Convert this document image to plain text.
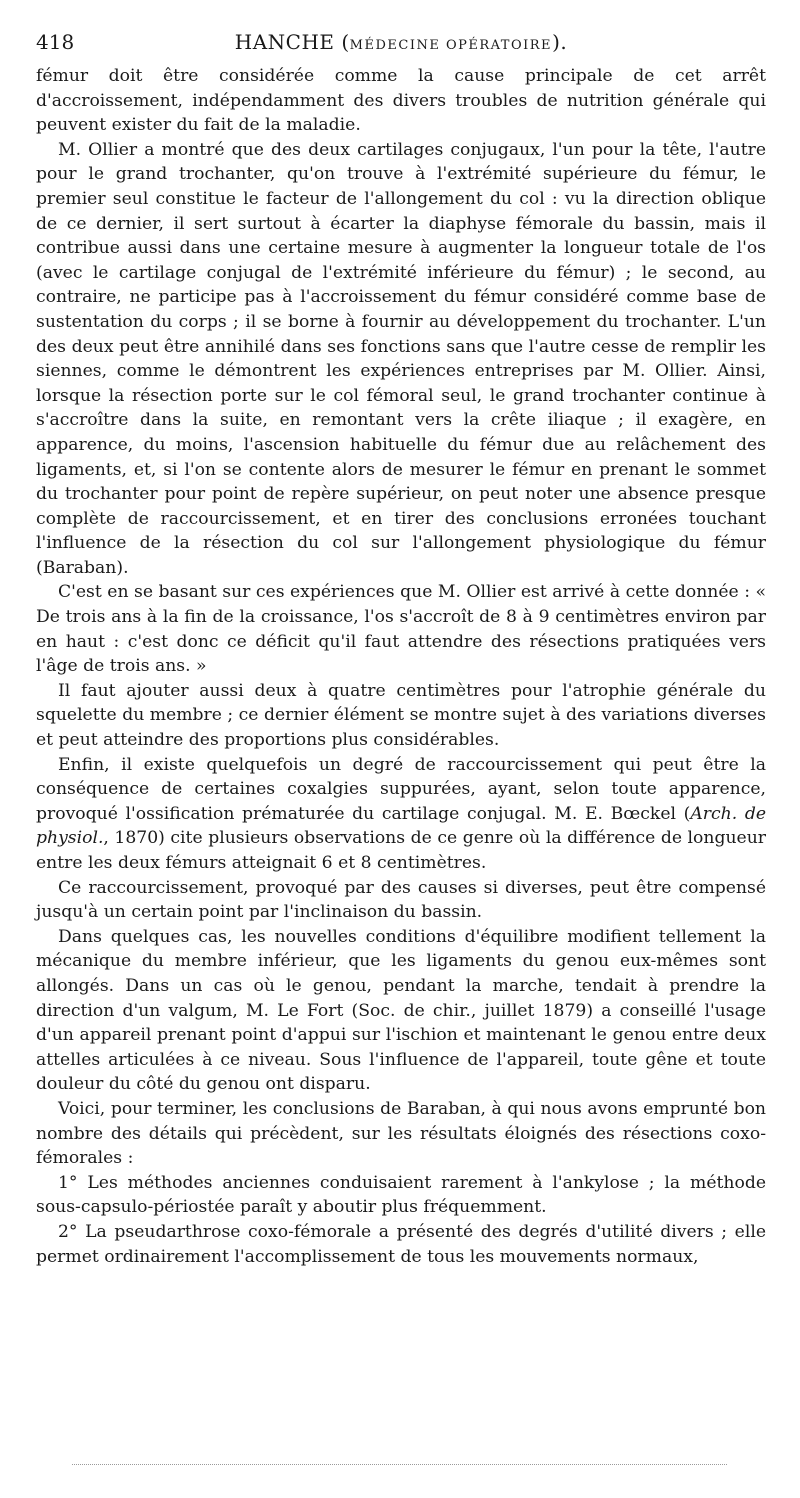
418	HANCHE (MÉDECINE OPÉRATOIRE).

fémur doit être considérée comme la cause principale de cet arrêt d'accroissement, indépendamment des divers troubles de nutrition générale qui peuvent exister du fait de la maladie.

M. Ollier a montré que des deux cartilages conjugaux, l'un pour la tête, l'autre pour le grand trochanter, qu'on trouve à l'extrémité supérieure du fémur, le premier seul constitue le facteur de l'allongement du col : vu la direction oblique de ce dernier, il sert surtout à écarter la diaphyse fémorale du bassin, mais il contribue aussi dans une certaine mesure à augmenter la longueur totale de l'os (avec le cartilage conjugal de l'extrémité inférieure du fémur) ; le second, au contraire, ne participe pas à l'accroissement du fémur considéré comme base de sustentation du corps ; il se borne à fournir au développement du trochanter. L'un des deux peut être annihilé dans ses fonctions sans que l'autre cesse de remplir les siennes, comme le démontrent les expériences entreprises par M. Ollier. Ainsi, lorsque la résection porte sur le col fémoral seul, le grand trochanter continue à s'accroître dans la suite, en remontant vers la crête iliaque ; il exagère, en apparence, du moins, l'ascension habituelle du fémur due au relâchement des ligaments, et, si l'on se contente alors de mesurer le fémur en prenant le sommet du trochanter pour point de repère supérieur, on peut noter une absence presque complète de raccourcissement, et en tirer des conclusions erronées touchant l'influence de la résection du col sur l'allongement physiologique du fémur (Baraban).

C'est en se basant sur ces expériences que M. Ollier est arrivé à cette donnée : « De trois ans à la fin de la croissance, l'os s'accroît de 8 à 9 centimètres environ par en haut : c'est donc ce déficit qu'il faut attendre des résections pratiquées vers l'âge de trois ans. »

Il faut ajouter aussi deux à quatre centimètres pour l'atrophie générale du squelette du membre ; ce dernier élément se montre sujet à des variations diverses et peut atteindre des proportions plus considérables.

Enfin, il existe quelquefois un degré de raccourcissement qui peut être la conséquence de certaines coxalgies suppurées, ayant, selon toute apparence, provoqué l'ossification prématurée du cartilage conjugal. M. E. Bœckel (Arch. de physiol., 1870) cite plusieurs observations de ce genre où la différence de longueur entre les deux fémurs atteignait 6 et 8 centimètres.

Ce raccourcissement, provoqué par des causes si diverses, peut être compensé jusqu'à un certain point par l'inclinaison du bassin.

Dans quelques cas, les nouvelles conditions d'équilibre modifient tellement la mécanique du membre inférieur, que les ligaments du genou eux-mêmes sont allongés. Dans un cas où le genou, pendant la marche, tendait à prendre la direction d'un valgum, M. Le Fort (Soc. de chir., juillet 1879) a conseillé l'usage d'un appareil prenant point d'appui sur l'ischion et maintenant le genou entre deux attelles articulées à ce niveau. Sous l'influence de l'appareil, toute gêne et toute douleur du côté du genou ont disparu.

Voici, pour terminer, les conclusions de Baraban, à qui nous avons emprunté bon nombre des détails qui précèdent, sur les résultats éloignés des résections coxo-fémorales :

1° Les méthodes anciennes conduisaient rarement à l'ankylose ; la méthode sous-capsulo-périostée paraît y aboutir plus fréquemment.

2° La pseudarthrose coxo-fémorale a présenté des degrés d'utilité divers ; elle permet ordinairement l'accomplissement de tous les mouvements normaux,
